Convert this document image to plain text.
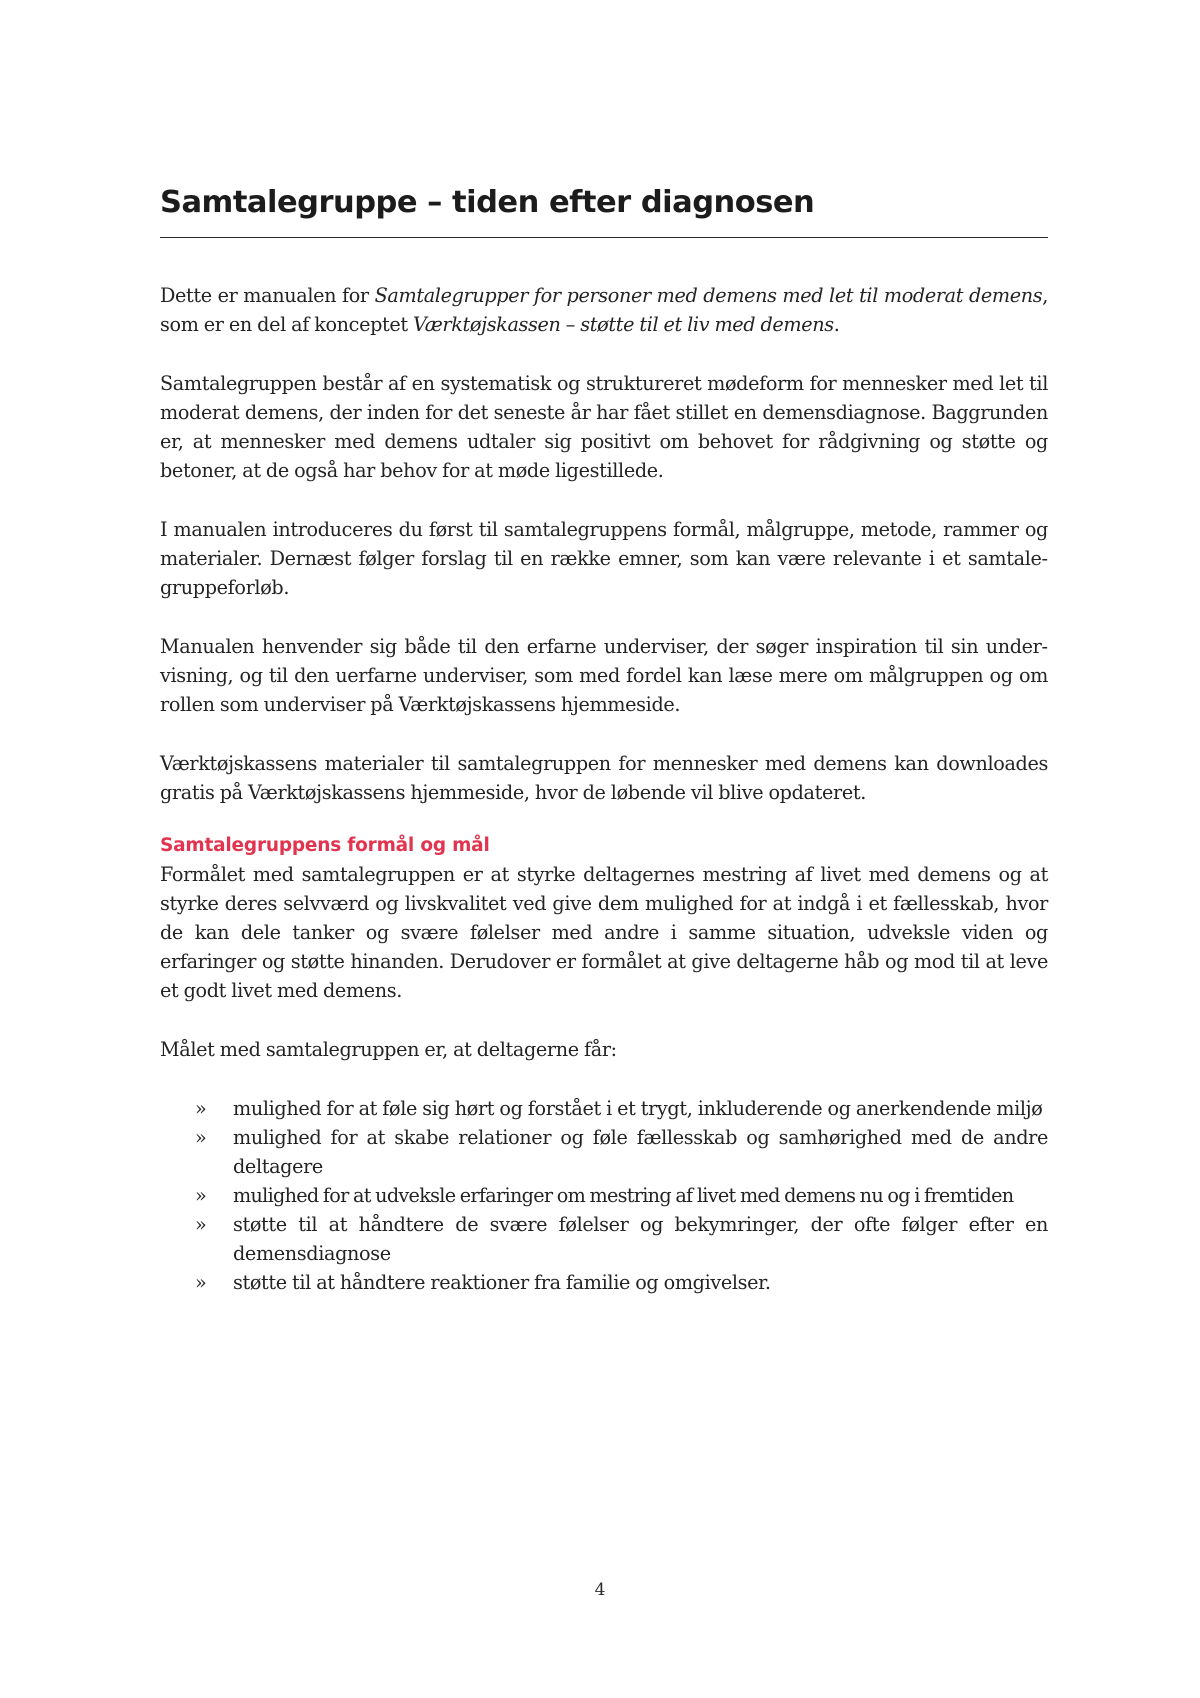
Samtalegruppe – tiden efter diagnosen

Dette er manualen for Samtalegrupper for personer med demens med let til moderat demens, som er en del af konceptet Værktøjskassen – støtte til et liv med demens.

Samtalegruppen består af en systematisk og struktureret mødeform for mennesker med let til moderat demens, der inden for det seneste år har fået stillet en demensdiagnose. Baggrunden er, at mennesker med demens udtaler sig positivt om behovet for rådgivning og støtte og betoner, at de også har behov for at møde ligestillede.

I manualen introduceres du først til samtalegruppens formål, målgruppe, metode, rammer og materialer. Dernæst følger forslag til en række emner, som kan være relevante i et samtalegruppeforløb.

Manualen henvender sig både til den erfarne underviser, der søger inspiration til sin undervisning, og til den uerfarne underviser, som med fordel kan læse mere om målgruppen og om rollen som underviser på Værktøjskassens hjemmeside.

Værktøjskassens materialer til samtalegruppen for mennesker med demens kan downloades gratis på Værktøjskassens hjemmeside, hvor de løbende vil blive opdateret.

Samtalegruppens formål og mål

Formålet med samtalegruppen er at styrke deltagernes mestring af livet med demens og at styrke deres selvværd og livskvalitet ved give dem mulighed for at indgå i et fællesskab, hvor de kan dele tanker og svære følelser med andre i samme situation, udveksle viden og erfaringer og støtte hinanden. Derudover er formålet at give deltagerne håb og mod til at leve et godt livet med demens.

Målet med samtalegruppen er, at deltagerne får:

» mulighed for at føle sig hørt og forstået i et trygt, inkluderende og anerkendende miljø
» mulighed for at skabe relationer og føle fællesskab og samhørighed med de andre deltagere
» mulighed for at udveksle erfaringer om mestring af livet med demens nu og i fremtiden
» støtte til at håndtere de svære følelser og bekymringer, der ofte følger efter en demensdiagnose
» støtte til at håndtere reaktioner fra familie og omgivelser.
4
